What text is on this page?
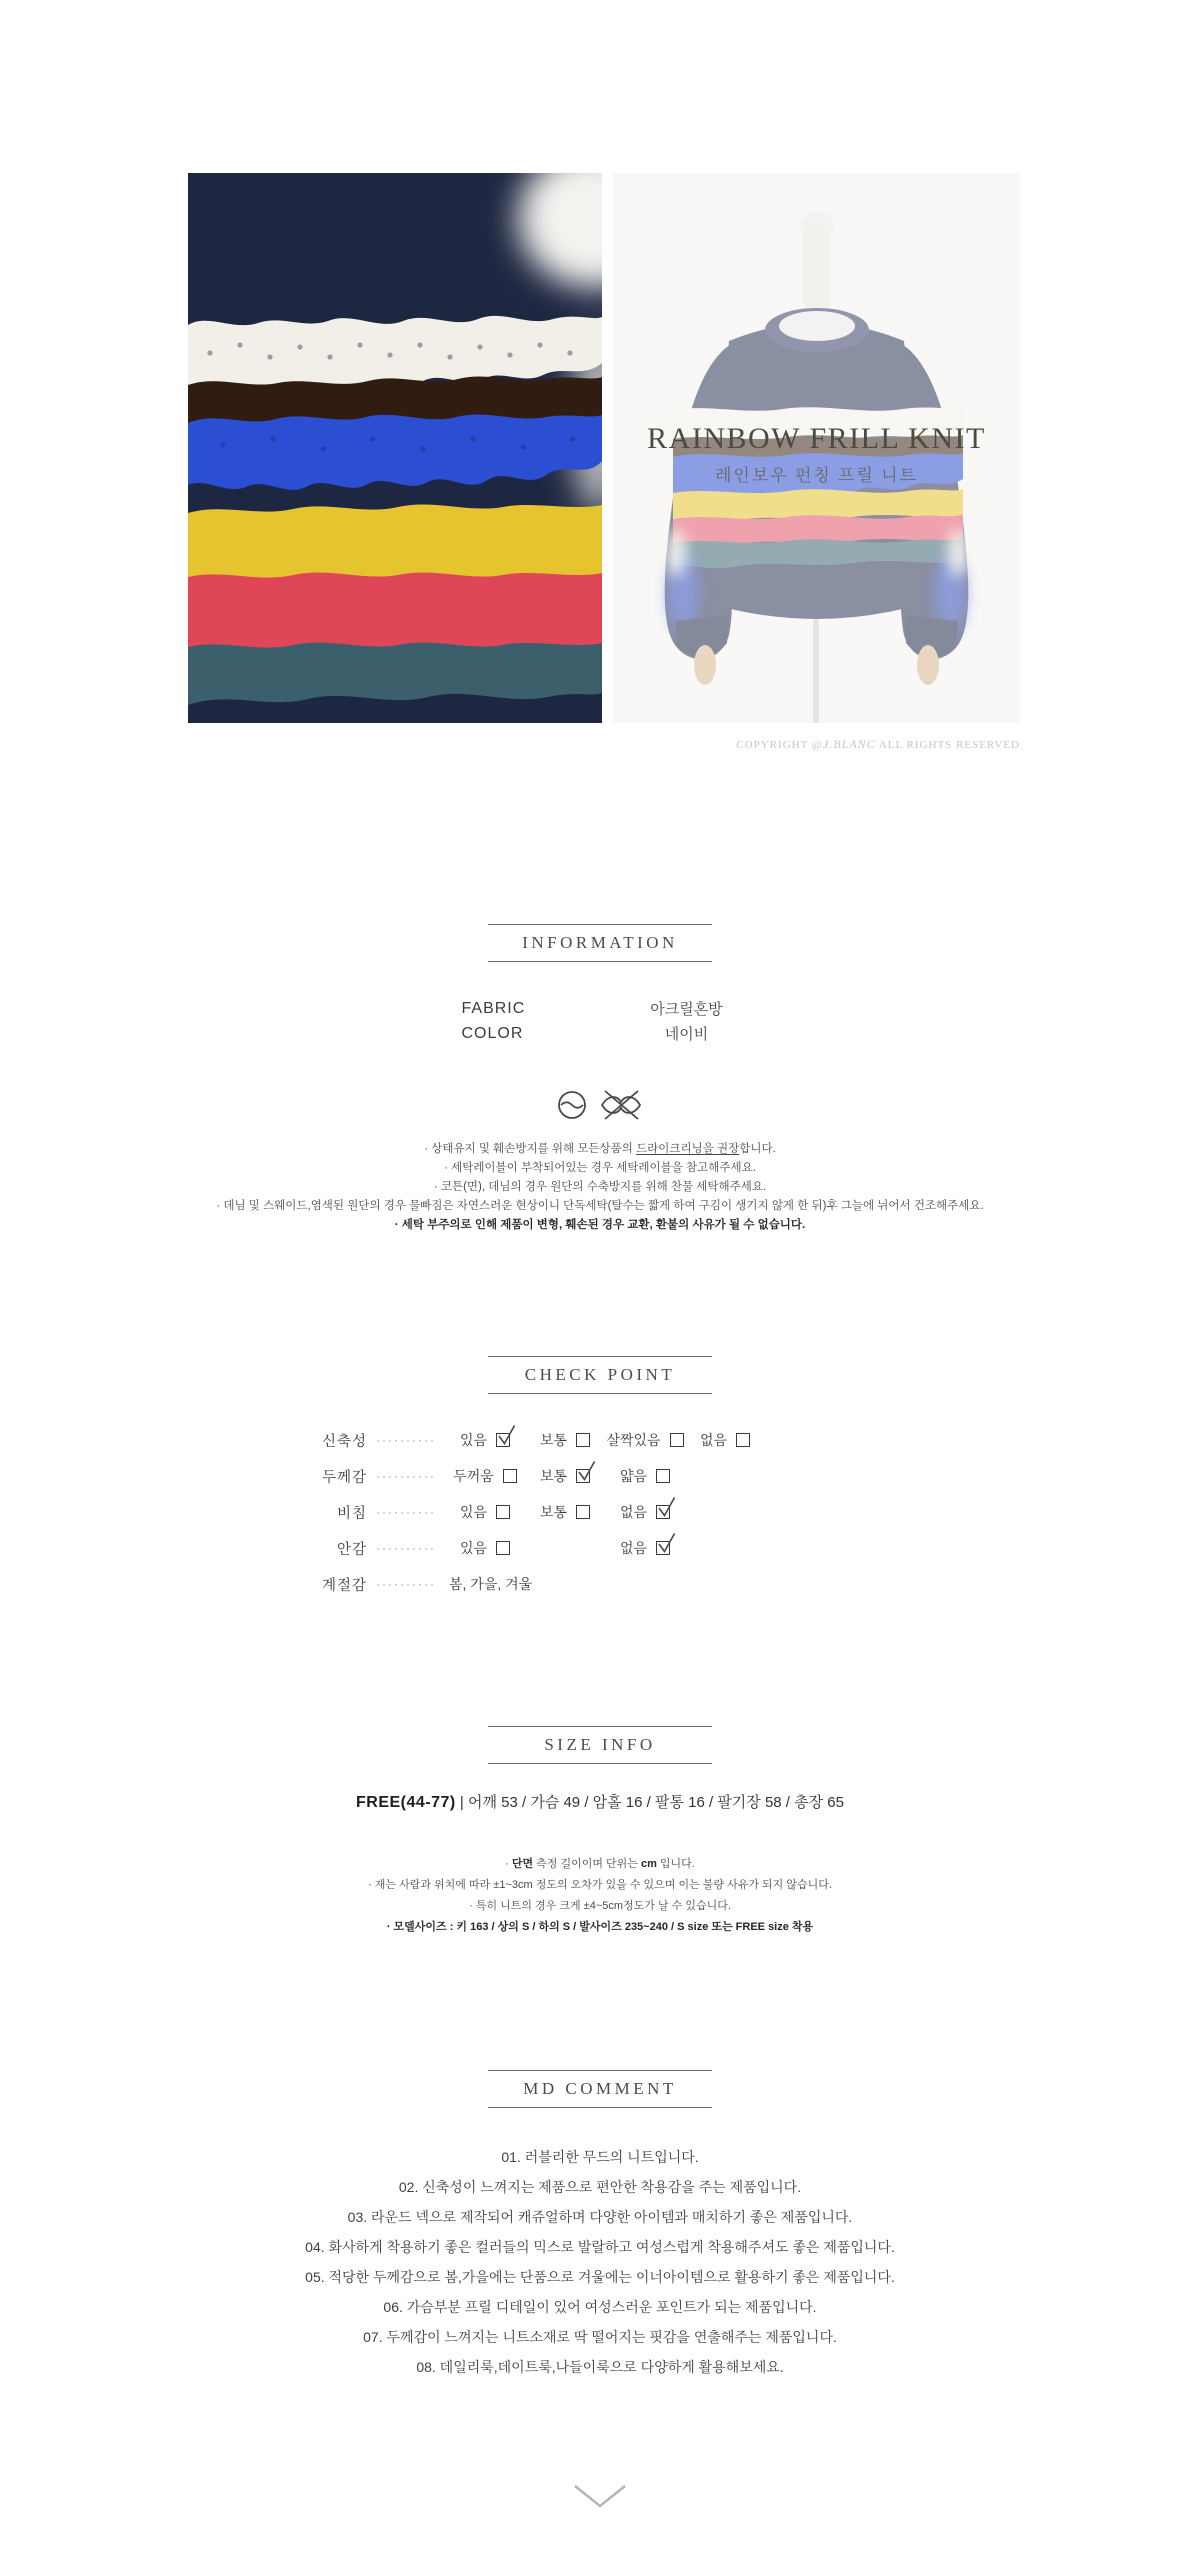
RAINBOW FRILL KNIT
레인보우 펀칭 프릴 니트
COPYRIGHT @J.BLANC ALL RIGHTS RESERVED
INFORMATION
FABRIC	아크릴혼방
COLOR	네이비
· 상태유지 및 훼손방지를 위해 모든상품의 드라이크리닝을 권장합니다.
· 세탁레이블이 부착되어있는 경우 세탁레이블을 참고해주세요.
· 코튼(면), 데님의 경우 원단의 수축방지를 위해 찬물 세탁해주세요.
· 데님 및 스웨이드,염색된 원단의 경우 물빠짐은 자연스러운 현상이니 단독세탁(탈수는 짧게 하여 구김이 생기지 않게 한 뒤)후 그늘에 뉘어서 건조해주세요.
· 세탁 부주의로 인해 제품이 변형, 훼손된 경우 교환, 환불의 사유가 될 수 없습니다.
CHECK POINT
신축성 ··········	있음	보통	살짝있음	없음
두께감 ··········	두꺼움	보통	얇음
비침 ··········	있음	보통	없음
안감 ··········	있음	없음
계절감 ·········· 봄, 가을, 겨울
SIZE INFO
FREE(44-77) | 어깨 53 / 가슴 49 / 암홀 16 / 팔통 16 / 팔기장 58 / 총장 65
· 단면 측정 길이이며 단위는 cm 입니다.
· 재는 사람과 위치에 따라 ±1~3cm 정도의 오차가 있을 수 있으며 이는 불량 사유가 되지 않습니다.
· 특히 니트의 경우 크게 ±4~5cm정도가 날 수 있습니다.
· 모델사이즈 : 키 163 / 상의 S / 하의 S / 발사이즈 235~240 / S size 또는 FREE size 착용
MD COMMENT
01. 러블리한 무드의 니트입니다.
02. 신축성이 느껴지는 제품으로 편안한 착용감을 주는 제품입니다.
03. 라운드 넥으로 제작되어 캐쥬얼하며 다양한 아이템과 매치하기 좋은 제품입니다.
04. 화사하게 착용하기 좋은 컬러들의 믹스로 발랄하고 여성스럽게 착용해주셔도 좋은 제품입니다.
05. 적당한 두께감으로 봄,가을에는 단품으로 겨울에는 이너아이템으로 활용하기 좋은 제품입니다.
06. 가슴부분 프릴 디테일이 있어 여성스러운 포인트가 되는 제품입니다.
07. 두께감이 느껴지는 니트소재로 딱 떨어지는 핏감을 연출해주는 제품입니다.
08. 데일리룩,데이트룩,나들이룩으로 다양하게 활용해보세요.
